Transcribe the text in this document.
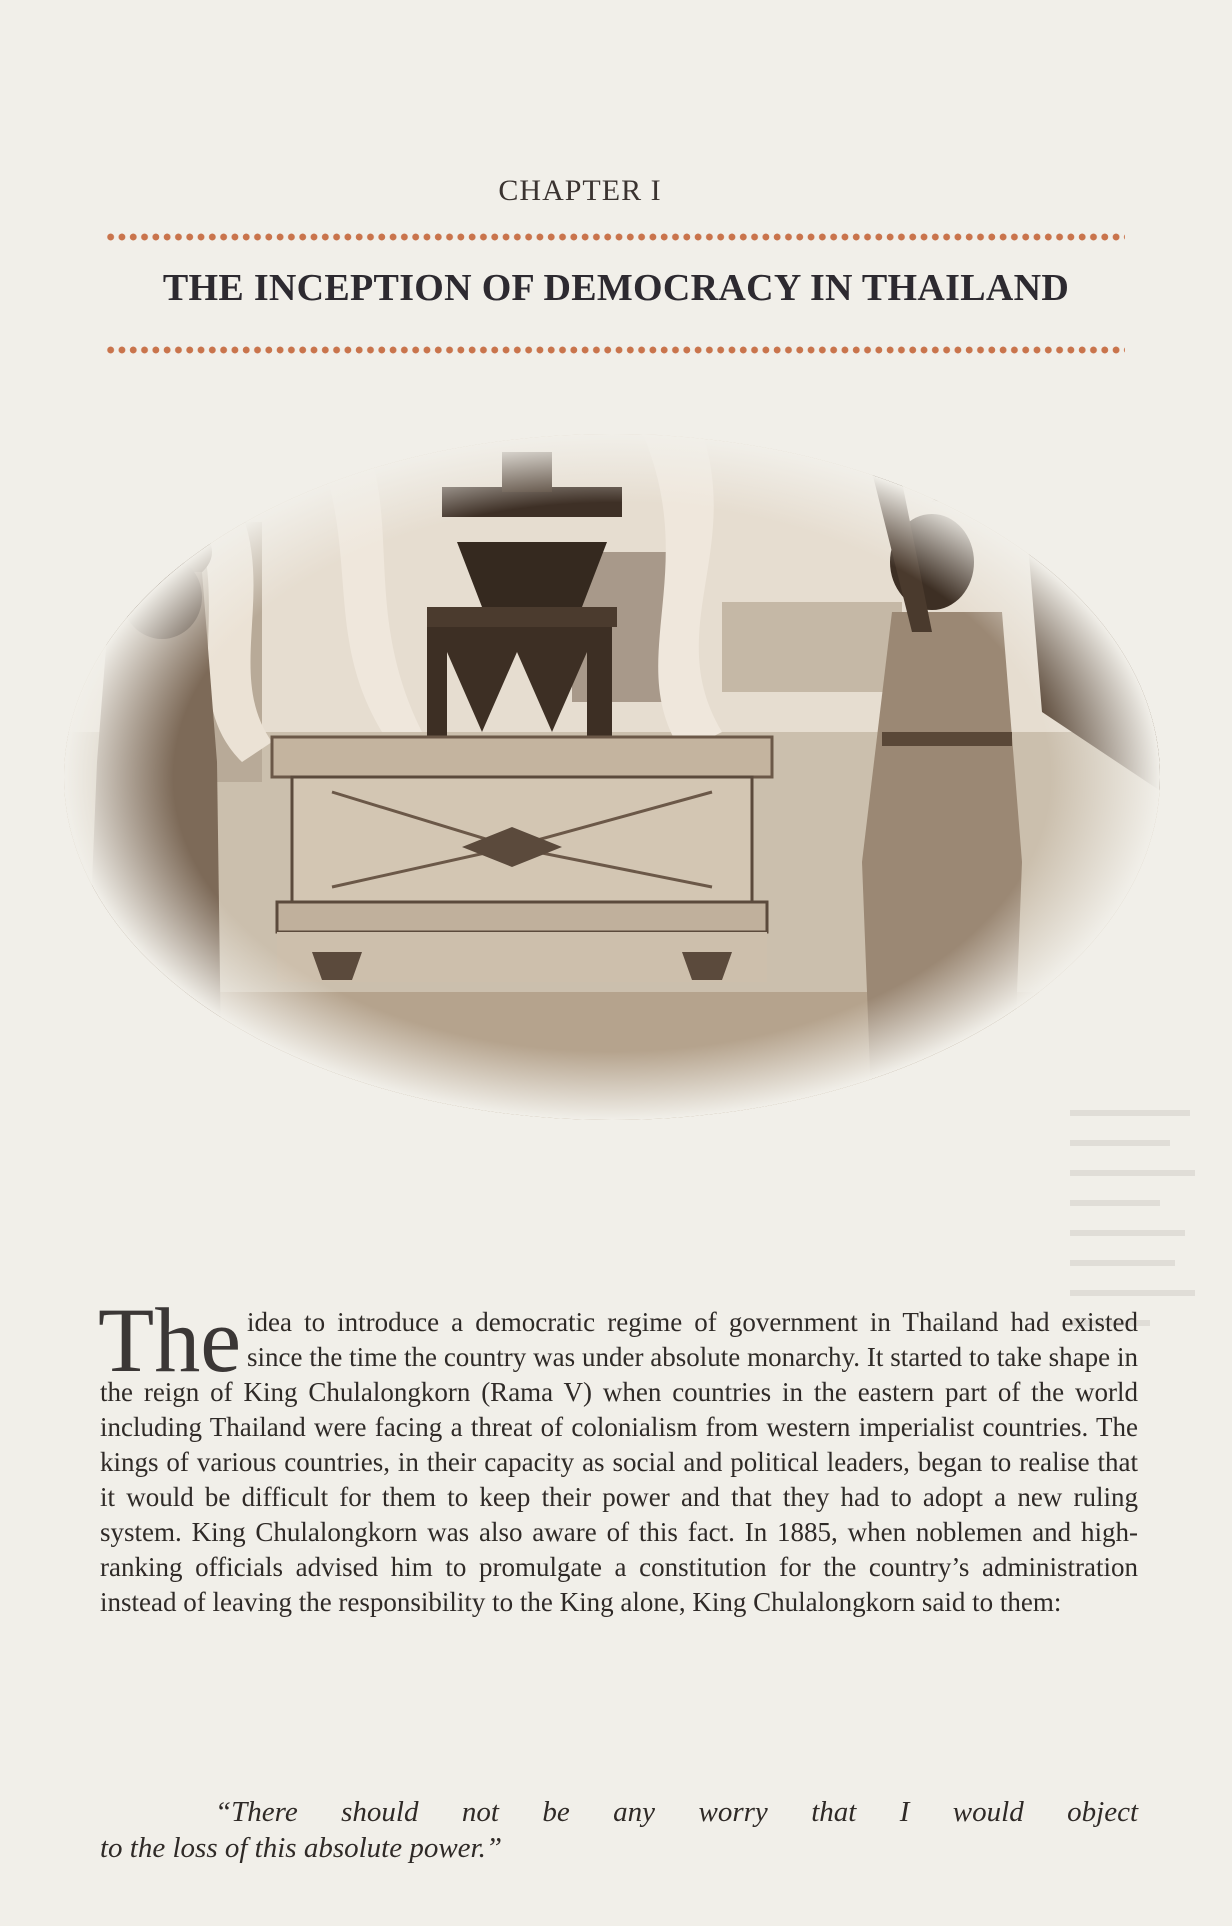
CHAPTER I
THE INCEPTION OF DEMOCRACY IN THAILAND
The idea to introduce a democratic regime of government in Thailand had existed since the time the country was under absolute monarchy. It started to take shape in the reign of King Chulalongkorn (Rama V) when countries in the eastern part of the world including Thailand were facing a threat of colonialism from western imperialist countries. The kings of various countries, in their capacity as social and political leaders, began to realise that it would be difficult for them to keep their power and that they had to adopt a new ruling system. King Chulalongkorn was also aware of this fact. In 1885, when noblemen and high-ranking officials advised him to promulgate a constitution for the country’s administration instead of leaving the responsibility to the King alone, King Chulalongkorn said to them:
“There should not be any worry that I would object
to the loss of this absolute power.”
